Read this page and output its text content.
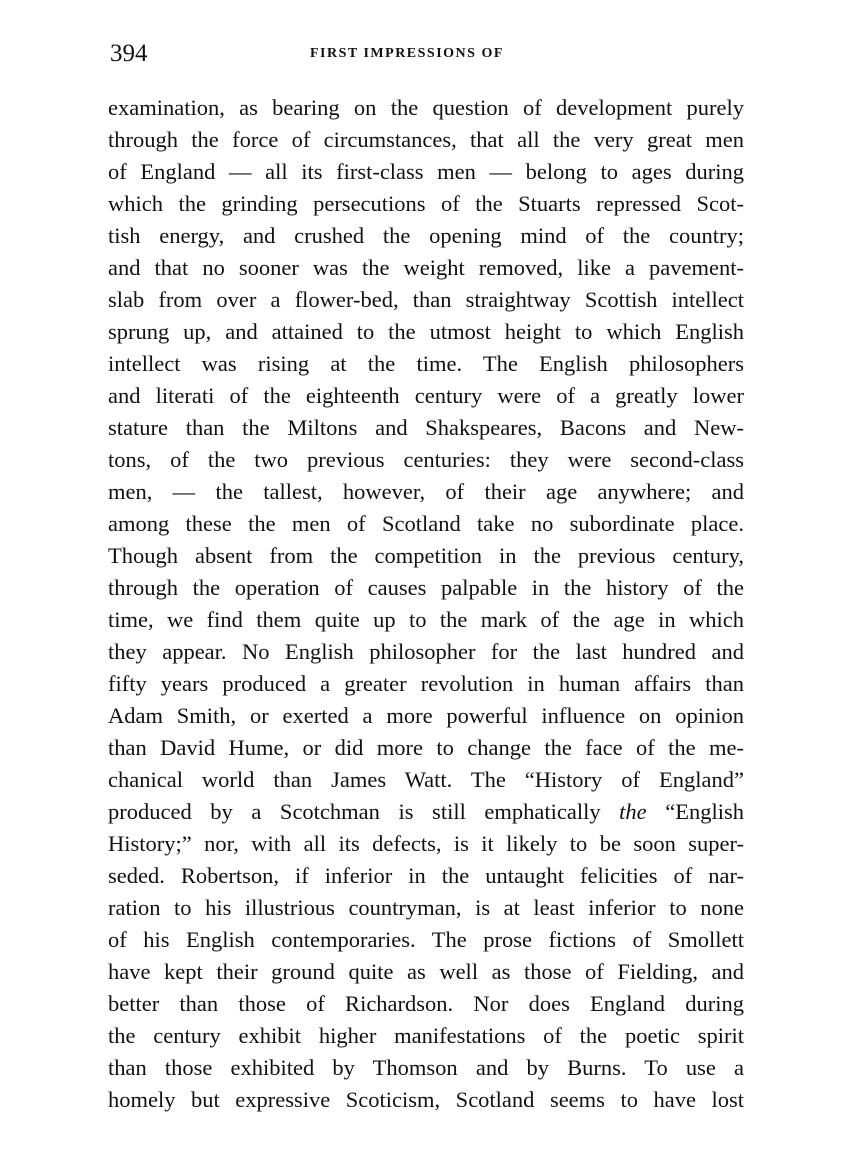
394	FIRST IMPRESSIONS OF
examination, as bearing on the question of development purely
through the force of circumstances, that all the very great men
of England — all its first-class men — belong to ages during
which the grinding persecutions of the Stuarts repressed Scot-
tish energy, and crushed the opening mind of the country;
and that no sooner was the weight removed, like a pavement-
slab from over a flower-bed, than straightway Scottish intellect
sprung up, and attained to the utmost height to which English
intellect was rising at the time. The English philosophers
and literati of the eighteenth century were of a greatly lower
stature than the Miltons and Shakspeares, Bacons and New-
tons, of the two previous centuries: they were second-class
men, — the tallest, however, of their age anywhere; and
among these the men of Scotland take no subordinate place.
Though absent from the competition in the previous century,
through the operation of causes palpable in the history of the
time, we find them quite up to the mark of the age in which
they appear. No English philosopher for the last hundred and
fifty years produced a greater revolution in human affairs than
Adam Smith, or exerted a more powerful influence on opinion
than David Hume, or did more to change the face of the me-
chanical world than James Watt. The “History of England”
produced by a Scotchman is still emphatically the “English
History;” nor, with all its defects, is it likely to be soon super-
seded. Robertson, if inferior in the untaught felicities of nar-
ration to his illustrious countryman, is at least inferior to none
of his English contemporaries. The prose fictions of Smollett
have kept their ground quite as well as those of Fielding, and
better than those of Richardson. Nor does England during
the century exhibit higher manifestations of the poetic spirit
than those exhibited by Thomson and by Burns. To use a
homely but expressive Scoticism, Scotland seems to have lost
